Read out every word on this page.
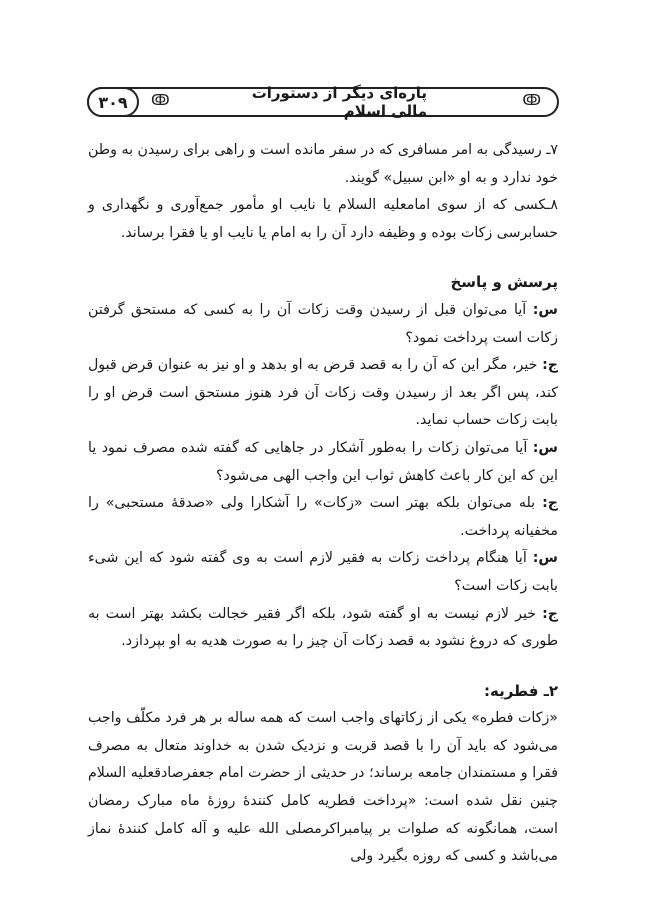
۳۰۹	ↂ	پاره‌ای دیگر از دستورات مالی اسلام
ↂ

۷ـ رسیدگی به امر مسافری که در سفر مانده است و راهی برای رسیدن به وطن خود ندارد و به او «ابن سبیل» گویند.

۸ـکسی که از سوی امامعلیه السلام یا نایب او مأمور جمع‌آوری و نگهداری و حسابرسی زکات بوده و وظیفه دارد آن را به امام یا نایب او یا فقرا برساند.

پرسش و پاسخ

س: آیا می‌توان قبل از رسیدن وقت زکات آن را به کسی که مستحق گرفتن زکات است پرداخت نمود؟

ج: خیر، مگر این که آن را به قصد قرض به او بدهد و او نیز به عنوان قرض قبول کند، پس اگر بعد از رسیدن وقت زکات آن فرد هنوز مستحق است قرض او را بابت زکات حساب نماید.

س: آیا می‌توان زکات را به‌طور آشکار در جاهایی که گفته شده مصرف نمود یا این که این کار باعث کاهش ثواب این واجب الهی می‌شود؟

ج: بله می‌توان بلکه بهتر است «زکات» را آشکارا ولی «صدقهٔ مستحبی» را مخفیانه پرداخت.

س: آیا هنگام پرداخت زکات به فقیر لازم است به وی گفته شود که این شیء بابت زکات است؟

ج: خیر لازم نیست به او گفته شود، بلکه اگر فقیر خجالت بکشد بهتر است به طوری که دروغ نشود به قصد زکات آن چیز را به صورت هدیه به او بپردازد.

۲ـ فطریه:

«زکات فطره» یکی از زکاتهای واجب است که همه ساله بر هر فرد مکلّف واجب می‌شود که باید آن را با قصد قربت و نزدیک شدن به خداوند متعال به مصرف فقرا و مستمندان جامعه برساند؛ در حدیثی از حضرت امام جعفرصادقعلیه السلام چنین نقل شده است: «پرداخت فطریه کامل کنندهٔ روزهٔ ماه مبارک رمضان است، همانگونه که صلوات بر پیامبراکرمصلی الله علیه و آله کامل کنندهٔ نماز می‌باشد و کسی که روزه بگیرد ولی
